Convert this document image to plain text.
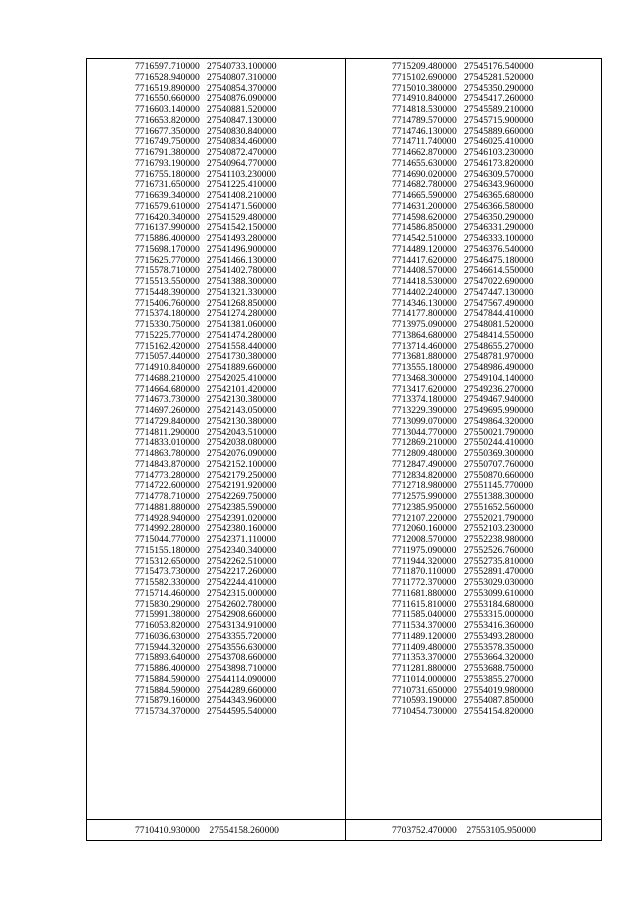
7716597.710000 27540733.100000
7716528.940000 27540807.310000
7716519.890000 27540854.370000
7716550.660000 27540876.090000
7716603.140000 27540881.520000
7716653.820000 27540847.130000
7716677.350000 27540830.840000
7716749.750000 27540834.460000
7716791.380000 27540872.470000
7716793.190000 27540964.770000
7716755.180000 27541103.230000
7716731.650000 27541225.410000
7716639.340000 27541408.210000
7716579.610000 27541471.560000
7716420.340000 27541529.480000
7716137.990000 27541542.150000
7715886.400000 27541493.280000
7715698.170000 27541496.900000
7715625.770000 27541466.130000
7715578.710000 27541402.780000
7715513.550000 27541388.300000
7715448.390000 27541321.330000
7715406.760000 27541268.850000
7715374.180000 27541274.280000
7715330.750000 27541381.060000
7715225.770000 27541474.280000
7715162.420000 27541558.440000
7715057.440000 27541730.380000
7714910.840000 27541889.660000
7714688.210000 27542025.410000
7714664.680000 27542101.420000
7714673.730000 27542130.380000
7714697.260000 27542143.050000
7714729.840000 27542130.380000
7714811.290000 27542043.510000
7714833.010000 27542038.080000
7714863.780000 27542076.090000
7714843.870000 27542152.100000
7714773.280000 27542179.250000
7714722.600000 27542191.920000
7714778.710000 27542269.750000
7714881.880000 27542385.590000
7714928.940000 27542391.020000
7714992.280000 27542380.160000
7715044.770000 27542371.110000
7715155.180000 27542340.340000
7715312.650000 27542262.510000
7715473.730000 27542217.260000
7715582.330000 27542244.410000
7715714.460000 27542315.000000
7715830.290000 27542602.780000
7715991.380000 27542908.660000
7716053.820000 27543134.910000
7716036.630000 27543355.720000
7715944.320000 27543556.630000
7715893.640000 27543708.660000
7715886.400000 27543898.710000
7715884.590000 27544114.090000
7715884.590000 27544289.660000
7715879.160000 27544343.960000
7715734.370000 27544595.540000
7715209.480000 27545176.540000
7715102.690000 27545281.520000
7715010.380000 27545350.290000
7714910.840000 27545417.260000
7714818.530000 27545589.210000
7714789.570000 27545715.900000
7714746.130000 27545889.660000
7714711.740000 27546025.410000
7714662.870000 27546103.230000
7714655.630000 27546173.820000
7714690.020000 27546309.570000
7714682.780000 27546343.960000
7714665.590000 27546365.680000
7714631.200000 27546366.580000
7714598.620000 27546350.290000
7714586.850000 27546331.290000
7714542.510000 27546333.100000
7714489.120000 27546376.540000
7714417.620000 27546475.180000
7714408.570000 27546614.550000
7714418.530000 27547022.690000
7714402.240000 27547447.130000
7714346.130000 27547567.490000
7714177.800000 27547844.410000
7713975.090000 27548081.520000
7713864.680000 27548414.550000
7713714.460000 27548655.270000
7713681.880000 27548781.970000
7713555.180000 27548986.490000
7713468.300000 27549104.140000
7713417.620000 27549236.270000
7713374.180000 27549467.940000
7713229.390000 27549695.990000
7713099.070000 27549864.320000
7713044.770000 27550021.790000
7712869.210000 27550244.410000
7712809.480000 27550369.300000
7712847.490000 27550707.760000
7712834.820000 27550870.660000
7712718.980000 27551145.770000
7712575.990000 27551388.300000
7712385.950000 27551652.560000
7712107.220000 27552021.790000
7712060.160000 27552103.230000
7712008.570000 27552238.980000
7711975.090000 27552526.760000
7711944.320000 27552735.810000
7711870.110000 27552891.470000
7711772.370000 27553029.030000
7711681.880000 27553099.610000
7711615.810000 27553184.680000
7711585.040000 27553315.000000
7711534.370000 27553416.360000
7711489.120000 27553493.280000
7711409.480000 27553578.350000
7711353.370000 27553664.320000
7711281.880000 27553688.750000
7711014.000000 27553855.270000
7710731.650000 27554019.980000
7710593.190000 27554087.850000
7710454.730000 27554154.820000
7710410.930000 27554158.260000	7703752.470000 27553105.950000
